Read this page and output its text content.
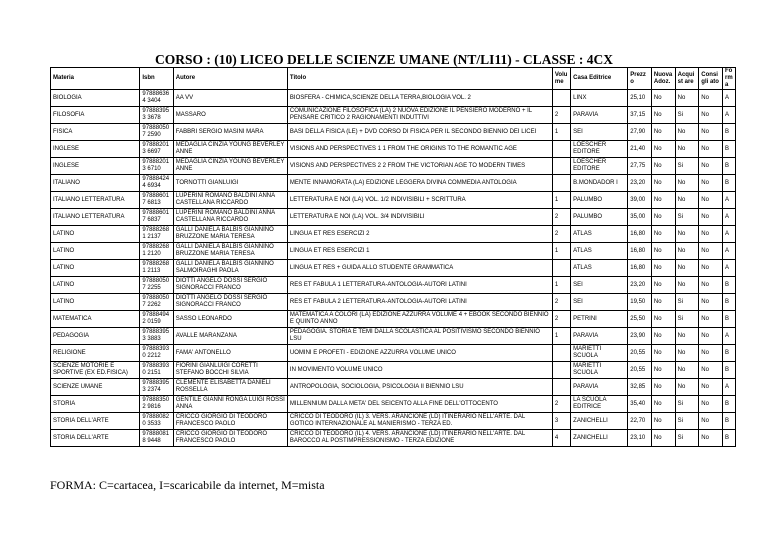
CORSO : (10) LICEO DELLE SCIENZE UMANE (NT/LI11) - CLASSE : 4CX
Materia	Isbn	Autore	Titolo	Volu me	Casa Editrice	Prezzo	Nuova Adoz.	Acquist are	Consigli ato	Form a
BIOLOGIA	978886364 3404	AA VV	BIOSFERA - CHIMICA,SCIENZE DELLA TERRA,BIOLOGIA VOL. 2		LINX	25,10	No	No	No	A
FILOSOFIA	978883953 3678	MASSARO	COMUNICAZIONE FILOSOFICA (LA) 2 NUOVA EDIZIONE IL PENSIERO MODERNO + IL PENSARE CRITICO 2 RAGIONAMENTI INDUTTIVI	2	PARAVIA	37,15	No	Si	No	A
FISICA	978880507 2590	FABBRI SERGIO MASINI MARA	BASI DELLA FISICA (LE) + DVD CORSO DI FISICA PER IL SECONDO BIENNIO DEI LICEI	1	SEI	27,90	No	No	No	B
INGLESE	978882013 6697	MEDAGLIA CINZIA YOUNG BEVERLEY ANNE	VISIONS AND PERSPECTIVES 1 1 FROM THE ORIGINS TO THE ROMANTIC AGE		LOESCHER EDITORE	21,40	No	No	No	B
INGLESE	978882013 6710	MEDAGLIA CINZIA YOUNG BEVERLEY ANNE	VISIONS AND PERSPECTIVES 2 2 FROM THE VICTORIAN AGE TO MODERN TIMES		LOESCHER EDITORE	27,75	No	Si	No	B
ITALIANO	978884244 6934	TORNOTTI GIANLUIGI	MENTE INNAMORATA (LA) EDIZIONE LEGGERA DIVINA COMMEDIA ANTOLOGIA		B.MONDADOR I	23,20	No	No	No	B
ITALIANO LETTERATURA	978886017 6813	LUPERINI ROMANO BALDINI ANNA CASTELLANA RICCARDO	LETTERATURA E NOI (LA) VOL. 1/2 INDIVISIBILI + SCRITTURA	1	PALUMBO	39,00	No	No	No	A
ITALIANO LETTERATURA	978886017 6837	LUPERINI ROMANO BALDINI ANNA CASTELLANA RICCARDO	LETTERATURA E NOI (LA) VOL. 3/4 INDIVISIBILI	2	PALUMBO	35,00	No	Si	No	A
LATINO	978882681 2137	GALLI DANIELA BALBIS GIANNINO BRUZZONE MARIA TERESA	LINGUA ET RES ESERCIZI 2	2	ATLAS	16,80	No	No	No	A
LATINO	978882681 2120	GALLI DANIELA BALBIS GIANNINO BRUZZONE MARIA TERESA	LINGUA ET RES ESERCIZI 1	1	ATLAS	16,80	No	No	No	A
LATINO	978882681 2113	GALLI DANIELA BALBIS GIANNINO SALMOIRAGHI PAOLA	LINGUA ET RES + GUIDA ALLO STUDENTE GRAMMATICA		ATLAS	16,80	No	No	No	A
LATINO	978880507 2255	DIOTTI ANGELO DOSSI SERGIO SIGNORACCI FRANCO	RES ET FABULA 1 LETTERATURA-ANTOLOGIA-AUTORI LATINI	1	SEI	23,20	No	No	No	B
LATINO	978880507 2262	DIOTTI ANGELO DOSSI SERGIO SIGNORACCI FRANCO	RES ET FABULA 2 LETTERATURA-ANTOLOGIA-AUTORI LATINI	2	SEI	19,50	No	Si	No	B
MATEMATICA	978884942 0159	SASSO LEONARDO	MATEMATICA A COLORI (LA) EDIZIONE AZZURRA VOLUME 4 + EBOOK SECONDO BIENNIO E QUINTO ANNO	2	PETRINI	25,50	No	Si	No	B
PEDAGOGIA	978883953 3883	AVALLE MARANZANA	PEDAGOGIA. STORIA E TEMI DALLA SCOLASTICA AL POSITIVISMO SECONDO BIENNIO LSU	1	PARAVIA	23,90	No	No	No	A
RELIGIONE	978883930 2212	FAMA' ANTONELLO	UOMINI E PROFETI - EDIZIONE AZZURRA VOLUME UNICO		MARIETTI SCUOLA	20,55	No	No	No	B
SCIENZE MOTORIE E SPORTIVE (EX ED.FISICA)	978883930 2151	FIORINI GIANLUIGI CORETTI STEFANO BOCCHI SILVIA	IN MOVIMENTO VOLUME UNICO		MARIETTI SCUOLA	20,55	No	No	No	B
SCIENZE UMANE	978883953 2374	CLEMENTE ELISABETTA DANIELI ROSSELLA	ANTROPOLOGIA, SOCIOLOGIA, PSICOLOGIA II BIENNIO LSU		PARAVIA	32,85	No	No	No	A
STORIA	978883502 9816	GENTILE GIANNI RONGA LUIGI ROSSI ANNA	MILLENNIUM DALLA META' DEL SEICENTO ALLA FINE DELL'OTTOCENTO	2	LA SCUOLA EDITRICE	35,40	No	Si	No	B
STORIA DELL'ARTE	978880820 3533	CRICCO GIORGIO DI TEODORO FRANCESCO PAOLO	CRICCO DI TEODORO (IL) 3. VERS. ARANCIONE (LD) ITINERARIO NELL'ARTE. DAL GOTICO INTERNAZIONALE AL MANIERISMO - TERZA ED.	3	ZANICHELLI	22,70	No	Si	No	B
STORIA DELL'ARTE	978880818 9448	CRICCO GIORGIO DI TEODORO FRANCESCO PAOLO	CRICCO DI TEODORO (IL) 4. VERS. ARANCIONE (LD) ITINERARIO NELL'ARTE. DAL BAROCCO AL POSTIMPRESSIONISMO - TERZA EDIZIONE	4	ZANICHELLI	23,10	No	Si	No	B
FORMA: C=cartacea, I=scaricabile da internet, M=mista
